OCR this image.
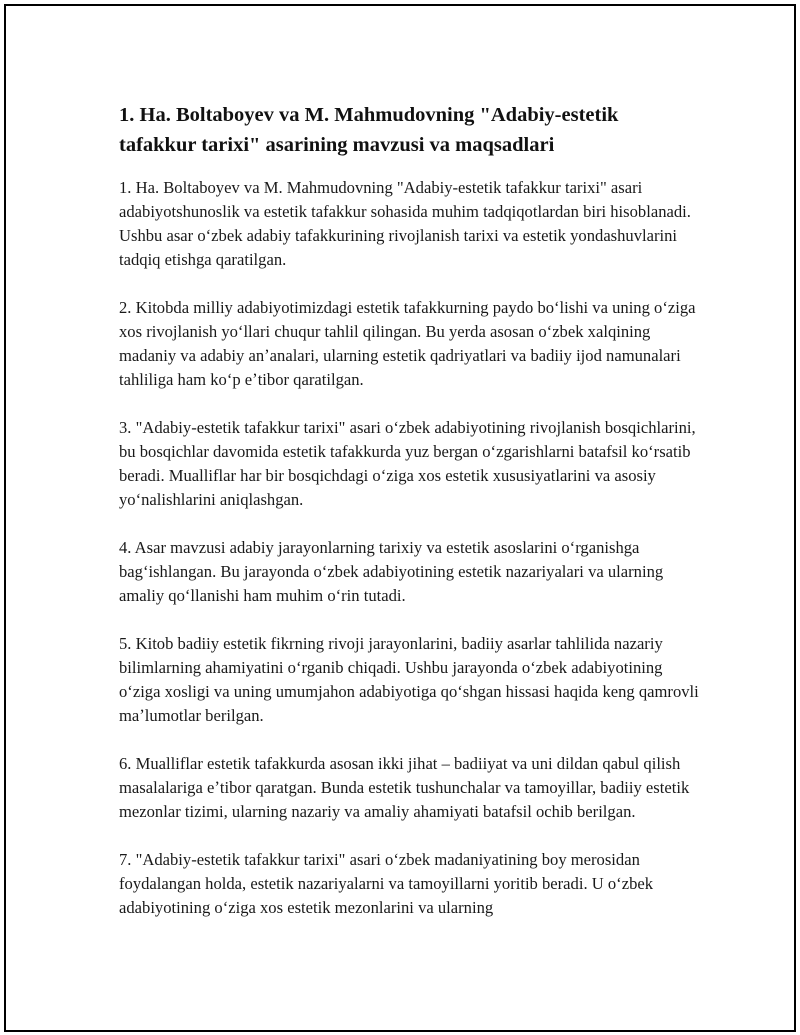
1. Ha. Boltaboyev va M. Mahmudovning "Adabiy-estetik tafakkur tarixi" asarining mavzusi va maqsadlari

1. Ha. Boltaboyev va M. Mahmudovning "Adabiy-estetik tafakkur tarixi" asari adabiyotshunoslik va estetik tafakkur sohasida muhim tadqiqotlardan biri hisoblanadi. Ushbu asar oʻzbek adabiy tafakkurining rivojlanish tarixi va estetik yondashuvlarini tadqiq etishga qaratilgan.

2. Kitobda milliy adabiyotimizdagi estetik tafakkurning paydo boʻlishi va uning oʻziga xos rivojlanish yoʻllari chuqur tahlil qilingan. Bu yerda asosan oʻzbek xalqining madaniy va adabiy anʼanalari, ularning estetik qadriyatlari va badiiy ijod namunalari tahliliga ham koʻp eʼtibor qaratilgan.

3. "Adabiy-estetik tafakkur tarixi" asari oʻzbek adabiyotining rivojlanish bosqichlarini, bu bosqichlar davomida estetik tafakkurda yuz bergan oʻzgarishlarni batafsil koʻrsatib beradi. Mualliflar har bir bosqichdagi oʻziga xos estetik xususiyatlarini va asosiy yoʻnalishlarini aniqlashgan.

4. Asar mavzusi adabiy jarayonlarning tarixiy va estetik asoslarini oʻrganishga bagʻishlangan. Bu jarayonda oʻzbek adabiyotining estetik nazariyalari va ularning amaliy qoʻllanishi ham muhim oʻrin tutadi.

5. Kitob badiiy estetik fikrning rivoji jarayonlarini, badiiy asarlar tahlilida nazariy bilimlarning ahamiyatini oʻrganib chiqadi. Ushbu jarayonda oʻzbek adabiyotining oʻziga xosligi va uning umumjahon adabiyotiga qoʻshgan hissasi haqida keng qamrovli maʼlumotlar berilgan.

6. Mualliflar estetik tafakkurda asosan ikki jihat – badiiyat va uni dildan qabul qilish masalalariga eʼtibor qaratgan. Bunda estetik tushunchalar va tamoyillar, badiiy estetik mezonlar tizimi, ularning nazariy va amaliy ahamiyati batafsil ochib berilgan.

7. "Adabiy-estetik tafakkur tarixi" asari oʻzbek madaniyatining boy merosidan foydalangan holda, estetik nazariyalarni va tamoyillarni yoritib beradi. U oʻzbek adabiyotining oʻziga xos estetik mezonlarini va ularning
